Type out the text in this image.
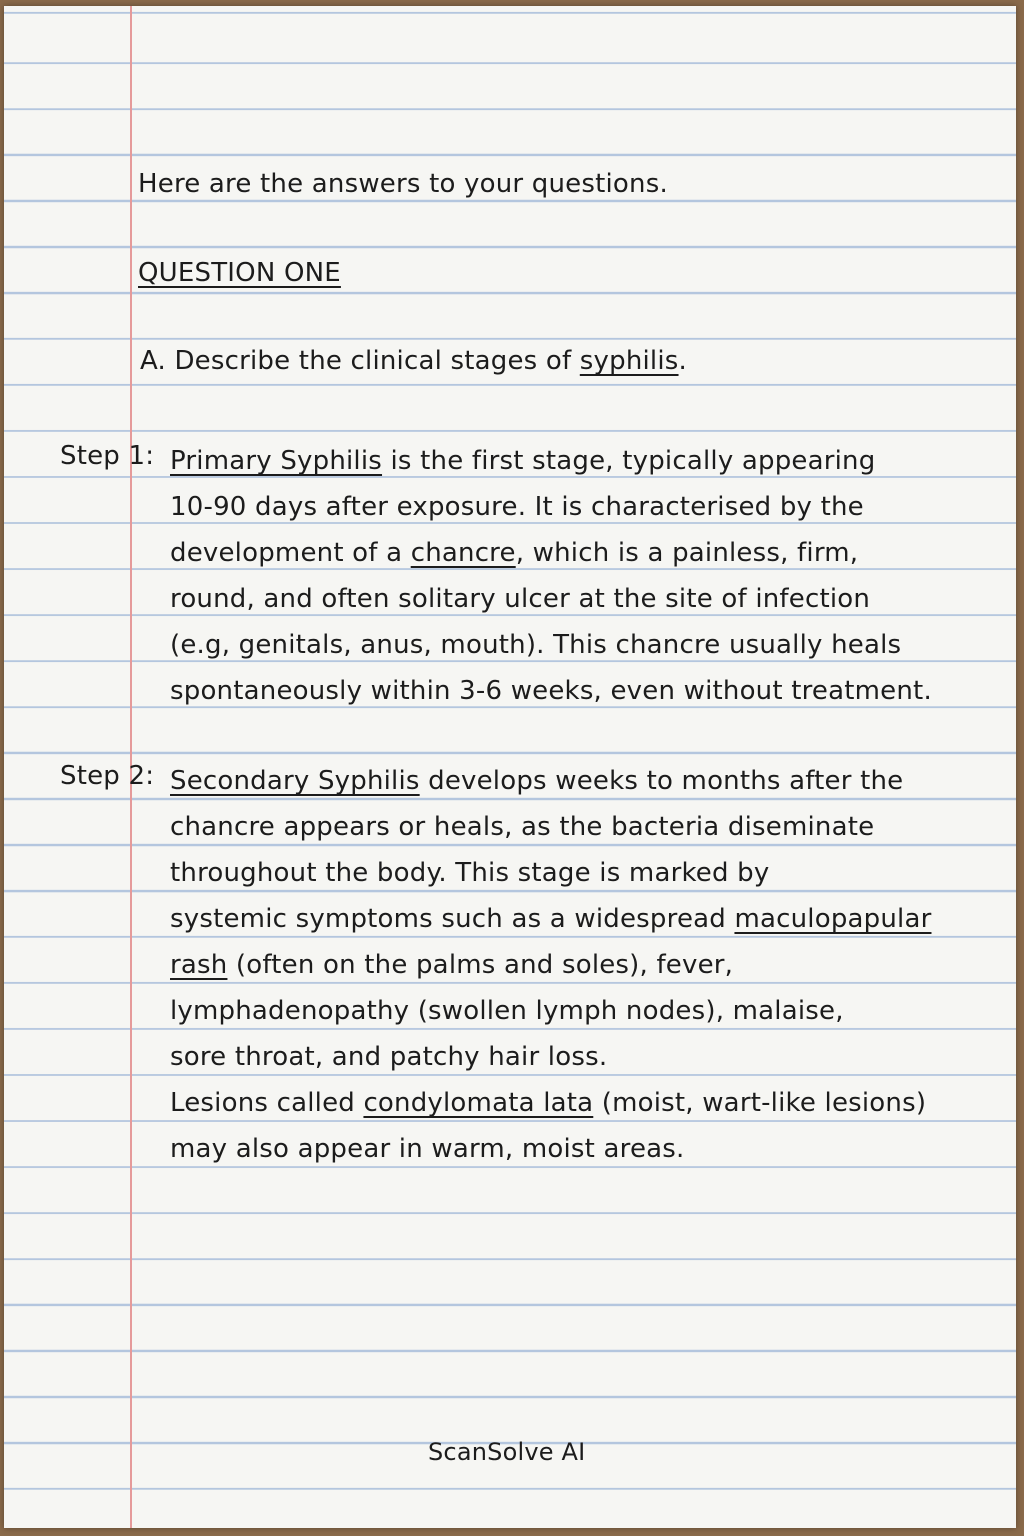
Here are the answers to your questions.
QUESTION ONE
A. Describe the clinical stages of syphilis.
Step 1: Primary Syphilis is the first stage, typically appearing
10-90 days after exposure. It is characterised by the
development of a chancre, which is a painless, firm,
round, and often solitary ulcer at the site of infection
(e.g, genitals, anus, mouth). This chancre usually heals
spontaneously within 3-6 weeks, even without treatment.
Step 2: Secondary Syphilis develops weeks to months after the
chancre appears or heals, as the bacteria diseminate
throughout the body. This stage is marked by
systemic symptoms such as a widespread maculopapular
rash (often on the palms and soles), fever,
lymphadenopathy (swollen lymph nodes), malaise,
sore throat, and patchy hair loss.
Lesions called condylomata lata (moist, wart-like lesions)
may also appear in warm, moist areas.
ScanSolve AI
